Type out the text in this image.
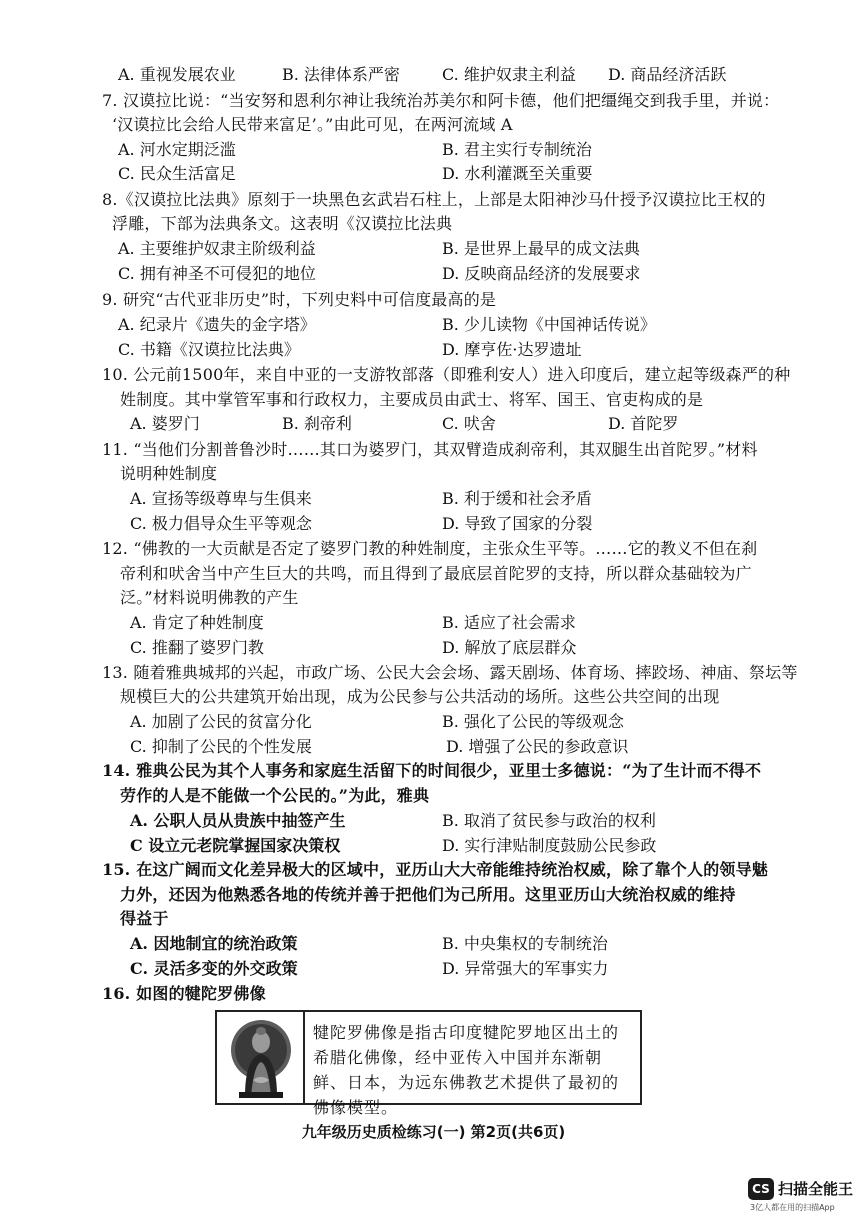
A. 重视发展农业	B. 法律体系严密	C. 维护奴隶主利益 D. 商品经济活跃
7. 汉谟拉比说：“当安努和恩利尔神让我统治苏美尔和阿卡德，他们把缰绳交到我手里，并说：
‘汉谟拉比会给人民带来富足’。”由此可见，在两河流域 A
A. 河水定期泛滥	B. 君主实行专制统治
C. 民众生活富足	D. 水利灌溉至关重要
8.《汉谟拉比法典》原刻于一块黑色玄武岩石柱上，上部是太阳神沙马什授予汉谟拉比王权的
浮雕，下部为法典条文。这表明《汉谟拉比法典
A. 主要维护奴隶主阶级利益	B. 是世界上最早的成文法典
C. 拥有神圣不可侵犯的地位	D. 反映商品经济的发展要求
9. 研究“古代亚非历史”时，下列史料中可信度最高的是
A. 纪录片《遗失的金字塔》	B. 少儿读物《中国神话传说》
C. 书籍《汉谟拉比法典》	D. 摩亨佐·达罗遗址
10. 公元前1500年，来自中亚的一支游牧部落（即雅利安人）进入印度后，建立起等级森严的种
姓制度。其中掌管军事和行政权力，主要成员由武士、将军、国王、官吏构成的是
A. 婆罗门	B. 刹帝利	C. 吠舍	D. 首陀罗
11. “当他们分割普鲁沙时……其口为婆罗门，其双臂造成刹帝利，其双腿生出首陀罗。”材料
说明种姓制度
A. 宣扬等级尊卑与生俱来	B. 利于缓和社会矛盾
C. 极力倡导众生平等观念	D. 导致了国家的分裂
12. “佛教的一大贡献是否定了婆罗门教的种姓制度，主张众生平等。……它的教义不但在刹
帝利和吠舍当中产生巨大的共鸣，而且得到了最底层首陀罗的支持，所以群众基础较为广
泛。”材料说明佛教的产生
A. 肯定了种姓制度	B. 适应了社会需求
C. 推翻了婆罗门教	D. 解放了底层群众
13. 随着雅典城邦的兴起，市政广场、公民大会会场、露天剧场、体育场、摔跤场、神庙、祭坛等
规模巨大的公共建筑开始出现，成为公民参与公共活动的场所。这些公共空间的出现
A. 加剧了公民的贫富分化	B. 强化了公民的等级观念
C. 抑制了公民的个性发展	D. 增强了公民的参政意识
14. 雅典公民为其个人事务和家庭生活留下的时间很少，亚里士多德说：“为了生计而不得不
劳作的人是不能做一个公民的。”为此，雅典
A. 公职人员从贵族中抽签产生	B. 取消了贫民参与政治的权利
C 设立元老院掌握国家决策权	D. 实行津贴制度鼓励公民参政
15. 在这广阔而文化差异极大的区域中，亚历山大大帝能维持统治权威，除了靠个人的领导魅
力外，还因为他熟悉各地的传统并善于把他们为己所用。这里亚历山大统治权威的维持
得益于
A. 因地制宜的统治政策	B. 中央集权的专制统治
C. 灵活多变的外交政策	D. 异常强大的军事实力
16. 如图的犍陀罗佛像
犍陀罗佛像是指古印度犍陀罗地区出土的希腊化佛像，经中亚传入中国并东渐朝鲜、日本，为远东佛教艺术提供了最初的佛像模型。
九年级历史质检练习(一) 第2页(共6页)
CS 扫描全能王
3亿人都在用的扫描App
